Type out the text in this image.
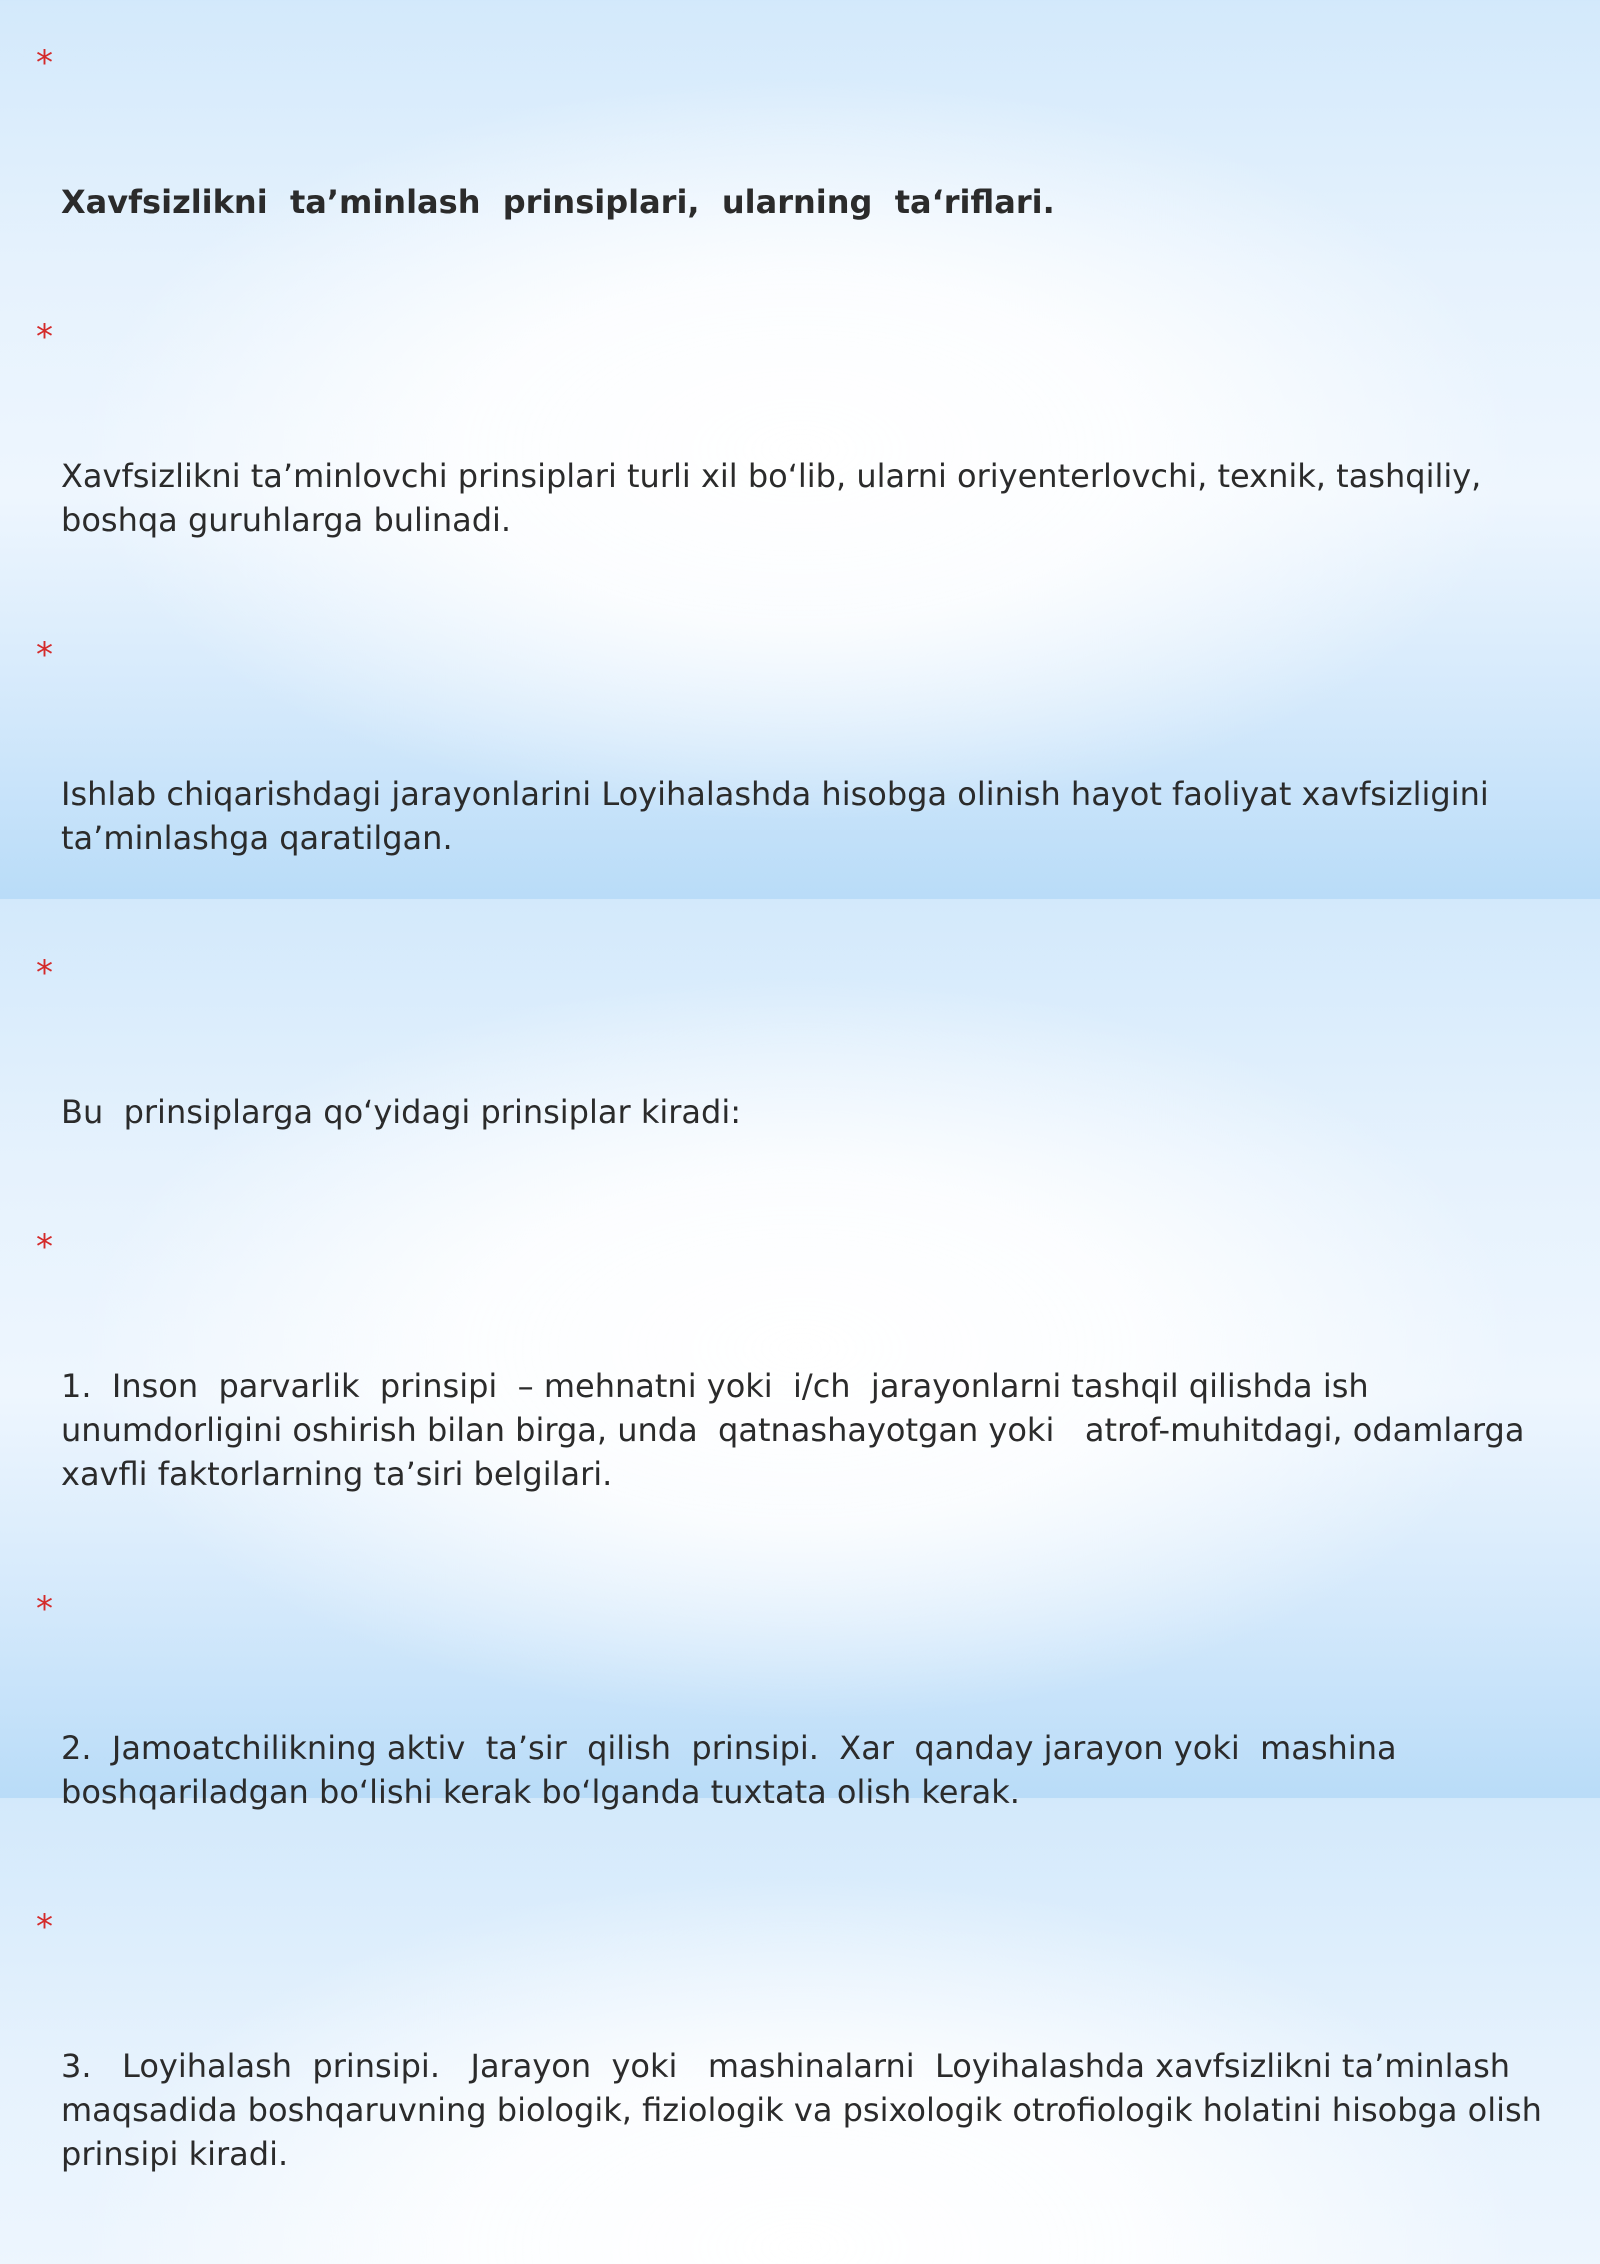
*

Xavfsizlikni  ta’minlash  prinsiplari,  ularning  ta‘riflari.

*

Xavfsizlikni ta’minlovchi prinsiplari turli xil bo‘lib, ularni oriyenterlovchi, texnik, tashqiliy, boshqa guruhlarga bulinadi.

*

Ishlab chiqarishdagi jarayonlarini Loyihalashda hisobga olinish hayot faoliyat xavfsizligini ta’minlashga qaratilgan.

*

Bu  prinsiplarga qo‘yidagi prinsiplar kiradi:

*

1.  Inson  parvarlik  prinsipi  – mehnatni yoki  i/ch  jarayonlarni tashqil qilishda ish unumdorligini oshirish bilan birga, unda  qatnashayotgan yoki   atrof-muhitdagi, odamlarga  xavfli faktorlarning ta’siri belgilari.

*

2.  Jamoatchilikning aktiv  ta’sir  qilish  prinsipi.  Xar  qanday jarayon yoki  mashina boshqariladgan bo‘lishi kerak bo‘lganda tuxtata olish kerak.

*

3.   Loyihalash  prinsipi.   Jarayon  yoki   mashinalarni  Loyihalashda xavfsizlikni ta’minlash maqsadida boshqaruvning biologik, fiziologik va psixologik otrofiologik holatini hisobga olish prinsipi kiradi.
